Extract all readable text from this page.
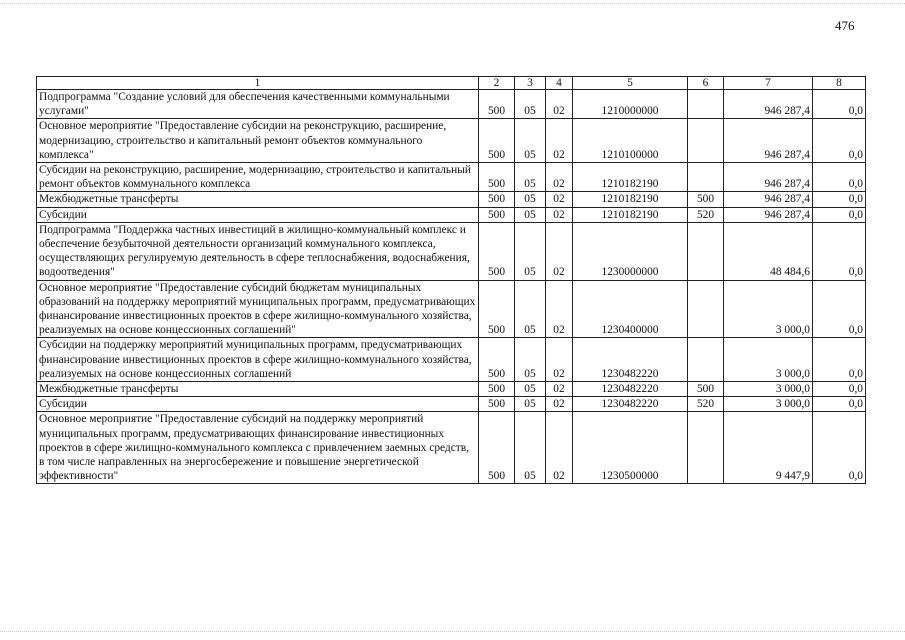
476
1	2	3	4	5	6	7	8
Подпрограмма "Создание условий для обеспечения качественными коммунальными услугами"	500	05	02	1210000000		946 287,4	0,0
Основное мероприятие "Предоставление субсидии на реконструкцию, расширение, модернизацию, строительство и капитальный ремонт объектов коммунального комплекса"	500	05	02	1210100000		946 287,4	0,0
Субсидии на реконструкцию, расширение, модернизацию, строительство и капитальный ремонт объектов коммунального комплекса	500	05	02	1210182190		946 287,4	0,0
Межбюджетные трансферты	500	05	02	1210182190	500	946 287,4	0,0
Субсидии	500	05	02	1210182190	520	946 287,4	0,0
Подпрограмма "Поддержка частных инвестиций в жилищно-коммунальный комплекс и обеспечение безубыточной деятельности организаций коммунального комплекса, осуществляющих регулируемую деятельность в сфере теплоснабжения, водоснабжения, водоотведения"	500	05	02	1230000000		48 484,6	0,0
Основное мероприятие "Предоставление субсидий бюджетам муниципальных образований на поддержку мероприятий муниципальных программ, предусматривающих финансирование инвестиционных проектов в сфере жилищно-коммунального хозяйства, реализуемых на основе концессионных соглашений"	500	05	02	1230400000		3 000,0	0,0
Субсидии на поддержку мероприятий муниципальных программ, предусматривающих финансирование инвестиционных проектов в сфере жилищно-коммунального хозяйства, реализуемых на основе концессионных соглашений	500	05	02	1230482220		3 000,0	0,0
Межбюджетные трансферты	500	05	02	1230482220	500	3 000,0	0,0
Субсидии	500	05	02	1230482220	520	3 000,0	0,0
Основное мероприятие "Предоставление субсидий на поддержку мероприятий муниципальных программ, предусматривающих финансирование инвестиционных проектов в сфере жилищно-коммунального комплекса с привлечением заемных средств, в том числе направленных на энергосбережение и повышение энергетической эффективности"	500	05	02	1230500000		9 447,9	0,0
